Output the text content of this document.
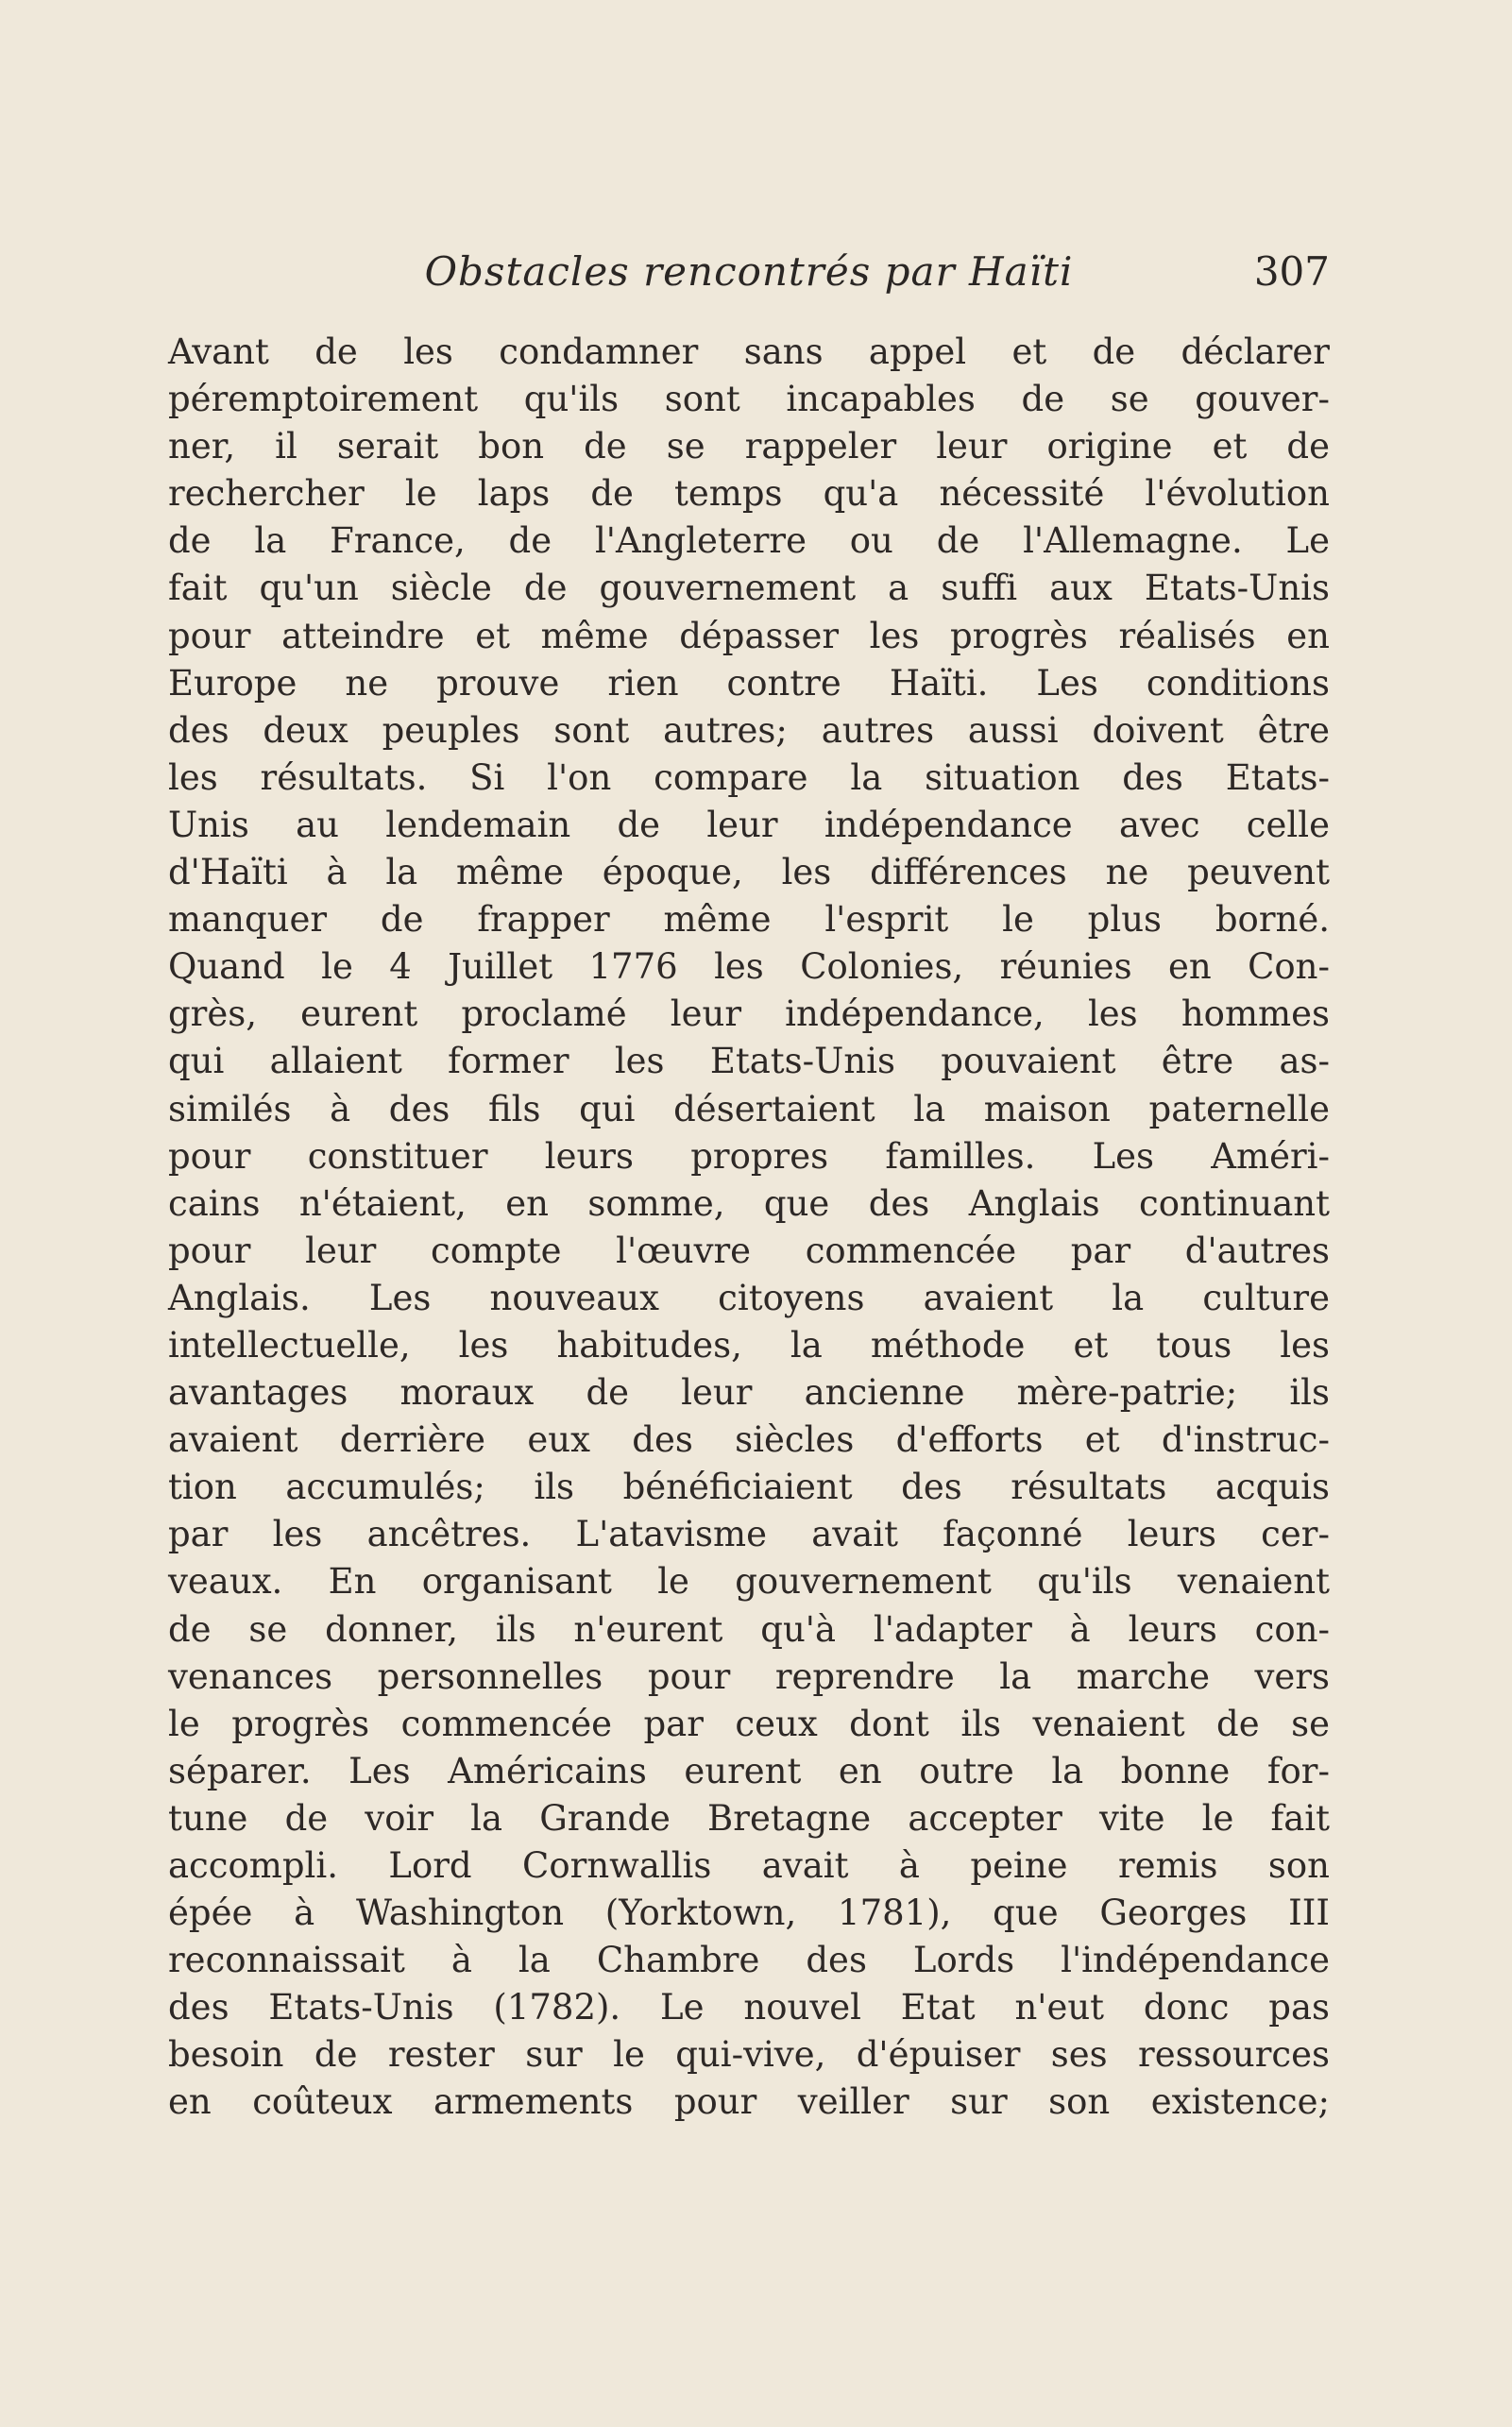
Obstacles rencontrés par Haïti	307
Avant de les condamner sans appel et de déclarer
péremptoirement qu'ils sont incapables de se gouver-
ner, il serait bon de se rappeler leur origine et de
rechercher le laps de temps qu'a nécessité l'évolution
de la France, de l'Angleterre ou de l'Allemagne. Le
fait qu'un siècle de gouvernement a suffi aux Etats-Unis
pour atteindre et même dépasser les progrès réalisés en
Europe ne prouve rien contre Haïti. Les conditions
des deux peuples sont autres; autres aussi doivent être
les résultats. Si l'on compare la situation des Etats-
Unis au lendemain de leur indépendance avec celle
d'Haïti à la même époque, les différences ne peuvent
manquer de frapper même l'esprit le plus borné.
Quand le 4 Juillet 1776 les Colonies, réunies en Con-
grès, eurent proclamé leur indépendance, les hommes
qui allaient former les Etats-Unis pouvaient être as-
similés à des fils qui désertaient la maison paternelle
pour constituer leurs propres familles. Les Améri-
cains n'étaient, en somme, que des Anglais continuant
pour leur compte l'œuvre commencée par d'autres
Anglais. Les nouveaux citoyens avaient la culture
intellectuelle, les habitudes, la méthode et tous les
avantages moraux de leur ancienne mère-patrie; ils
avaient derrière eux des siècles d'efforts et d'instruc-
tion accumulés; ils bénéficiaient des résultats acquis
par les ancêtres. L'atavisme avait façonné leurs cer-
veaux. En organisant le gouvernement qu'ils venaient
de se donner, ils n'eurent qu'à l'adapter à leurs con-
venances personnelles pour reprendre la marche vers
le progrès commencée par ceux dont ils venaient de se
séparer. Les Américains eurent en outre la bonne for-
tune de voir la Grande Bretagne accepter vite le fait
accompli. Lord Cornwallis avait à peine remis son
épée à Washington (Yorktown, 1781), que Georges III
reconnaissait à la Chambre des Lords l'indépendance
des Etats-Unis (1782). Le nouvel Etat n'eut donc pas
besoin de rester sur le qui-vive, d'épuiser ses ressources
en coûteux armements pour veiller sur son existence;
